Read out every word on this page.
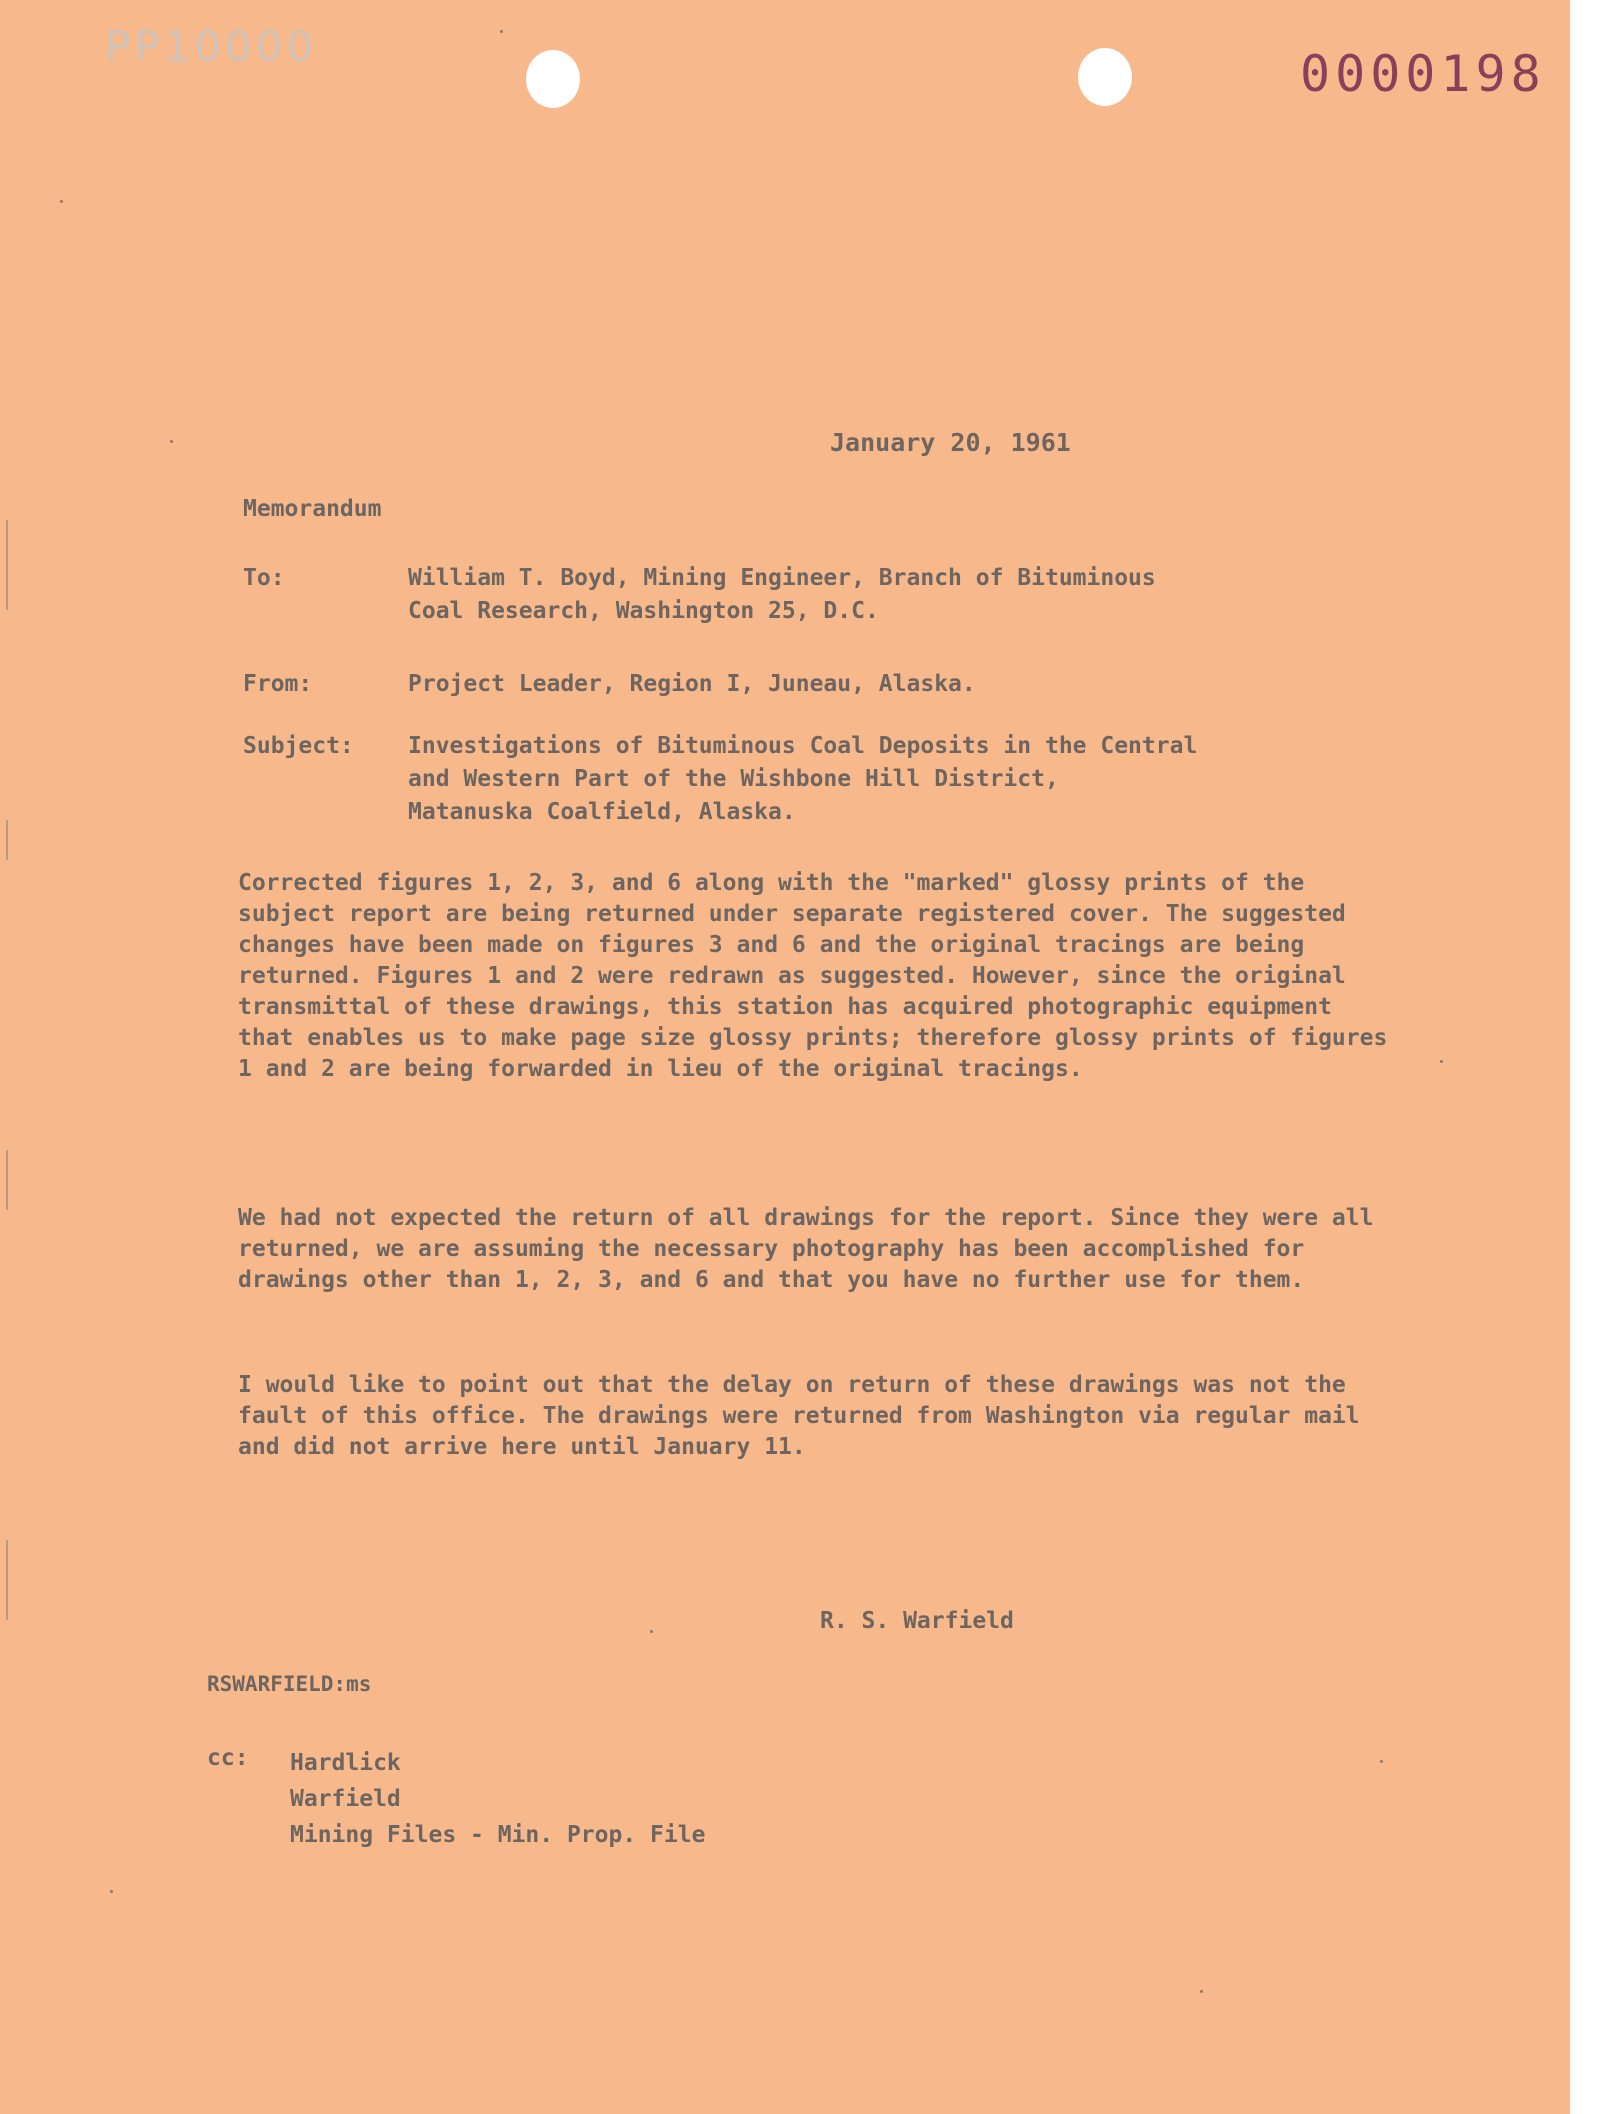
PP10000	0000198
January 20, 1961
Memorandum
To:	William T. Boyd, Mining Engineer, Branch of Bituminous
Coal Research, Washington 25, D.C.
From:	Project Leader, Region I, Juneau, Alaska.
Subject: Investigations of Bituminous Coal Deposits in the Central
and Western Part of the Wishbone Hill District,
Matanuska Coalfield, Alaska.
Corrected figures 1, 2, 3, and 6 along with the "marked" glossy prints of the subject report are being returned under separate registered cover. The suggested changes have been made on figures 3 and 6 and the original tracings are being returned. Figures 1 and 2 were redrawn as suggested. However, since the original transmittal of these drawings, this station has acquired photographic equipment that enables us to make page size glossy prints; therefore glossy prints of figures 1 and 2 are being forwarded in lieu of the original tracings.
We had not expected the return of all drawings for the report. Since they were all returned, we are assuming the necessary photography has been accomplished for drawings other than 1, 2, 3, and 6 and that you have no further use for them.
I would like to point out that the delay on return of these drawings was not the fault of this office. The drawings were returned from Washington via regular mail and did not arrive here until January 11.
R. S. Warfield
RSWARFIELD:ms
cc: Hardlick
Warfield
Mining Files - Min. Prop. File
